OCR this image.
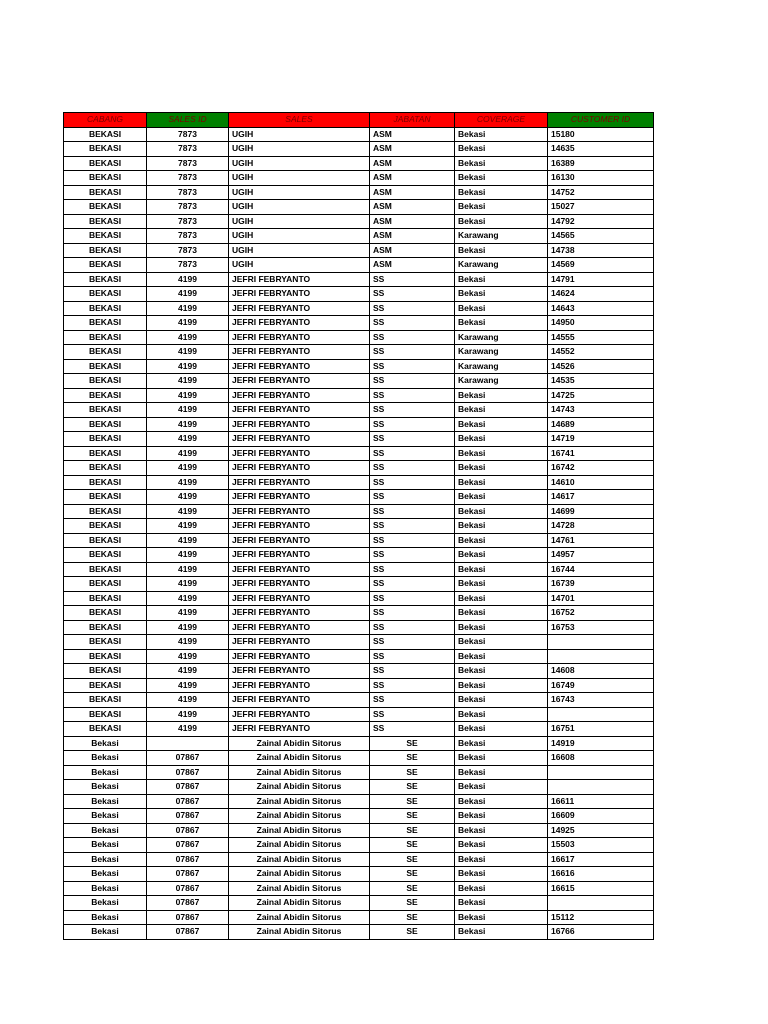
CABANG	SALES ID	SALES	JABATAN	COVERAGE	CUSTOMER ID
BEKASI	7873	UGIH	ASM	Bekasi	15180
BEKASI	7873	UGIH	ASM	Bekasi	14635
BEKASI	7873	UGIH	ASM	Bekasi	16389
BEKASI	7873	UGIH	ASM	Bekasi	16130
BEKASI	7873	UGIH	ASM	Bekasi	14752
BEKASI	7873	UGIH	ASM	Bekasi	15027
BEKASI	7873	UGIH	ASM	Bekasi	14792
BEKASI	7873	UGIH	ASM	Karawang	14565
BEKASI	7873	UGIH	ASM	Bekasi	14738
BEKASI	7873	UGIH	ASM	Karawang	14569
BEKASI	4199	JEFRI FEBRYANTO	SS	Bekasi	14791
BEKASI	4199	JEFRI FEBRYANTO	SS	Bekasi	14624
BEKASI	4199	JEFRI FEBRYANTO	SS	Bekasi	14643
BEKASI	4199	JEFRI FEBRYANTO	SS	Bekasi	14950
BEKASI	4199	JEFRI FEBRYANTO	SS	Karawang	14555
BEKASI	4199	JEFRI FEBRYANTO	SS	Karawang	14552
BEKASI	4199	JEFRI FEBRYANTO	SS	Karawang	14526
BEKASI	4199	JEFRI FEBRYANTO	SS	Karawang	14535
BEKASI	4199	JEFRI FEBRYANTO	SS	Bekasi	14725
BEKASI	4199	JEFRI FEBRYANTO	SS	Bekasi	14743
BEKASI	4199	JEFRI FEBRYANTO	SS	Bekasi	14689
BEKASI	4199	JEFRI FEBRYANTO	SS	Bekasi	14719
BEKASI	4199	JEFRI FEBRYANTO	SS	Bekasi	16741
BEKASI	4199	JEFRI FEBRYANTO	SS	Bekasi	16742
BEKASI	4199	JEFRI FEBRYANTO	SS	Bekasi	14610
BEKASI	4199	JEFRI FEBRYANTO	SS	Bekasi	14617
BEKASI	4199	JEFRI FEBRYANTO	SS	Bekasi	14699
BEKASI	4199	JEFRI FEBRYANTO	SS	Bekasi	14728
BEKASI	4199	JEFRI FEBRYANTO	SS	Bekasi	14761
BEKASI	4199	JEFRI FEBRYANTO	SS	Bekasi	14957
BEKASI	4199	JEFRI FEBRYANTO	SS	Bekasi	16744
BEKASI	4199	JEFRI FEBRYANTO	SS	Bekasi	16739
BEKASI	4199	JEFRI FEBRYANTO	SS	Bekasi	14701
BEKASI	4199	JEFRI FEBRYANTO	SS	Bekasi	16752
BEKASI	4199	JEFRI FEBRYANTO	SS	Bekasi	16753
BEKASI	4199	JEFRI FEBRYANTO	SS	Bekasi	
BEKASI	4199	JEFRI FEBRYANTO	SS	Bekasi	
BEKASI	4199	JEFRI FEBRYANTO	SS	Bekasi	14608
BEKASI	4199	JEFRI FEBRYANTO	SS	Bekasi	16749
BEKASI	4199	JEFRI FEBRYANTO	SS	Bekasi	16743
BEKASI	4199	JEFRI FEBRYANTO	SS	Bekasi	
BEKASI	4199	JEFRI FEBRYANTO	SS	Bekasi	16751
Bekasi		Zainal Abidin Sitorus	SE	Bekasi	14919
Bekasi	07867	Zainal Abidin Sitorus	SE	Bekasi	16608
Bekasi	07867	Zainal Abidin Sitorus	SE	Bekasi	
Bekasi	07867	Zainal Abidin Sitorus	SE	Bekasi	
Bekasi	07867	Zainal Abidin Sitorus	SE	Bekasi	16611
Bekasi	07867	Zainal Abidin Sitorus	SE	Bekasi	16609
Bekasi	07867	Zainal Abidin Sitorus	SE	Bekasi	14925
Bekasi	07867	Zainal Abidin Sitorus	SE	Bekasi	15503
Bekasi	07867	Zainal Abidin Sitorus	SE	Bekasi	16617
Bekasi	07867	Zainal Abidin Sitorus	SE	Bekasi	16616
Bekasi	07867	Zainal Abidin Sitorus	SE	Bekasi	16615
Bekasi	07867	Zainal Abidin Sitorus	SE	Bekasi	
Bekasi	07867	Zainal Abidin Sitorus	SE	Bekasi	15112
Bekasi	07867	Zainal Abidin Sitorus	SE	Bekasi	16766
